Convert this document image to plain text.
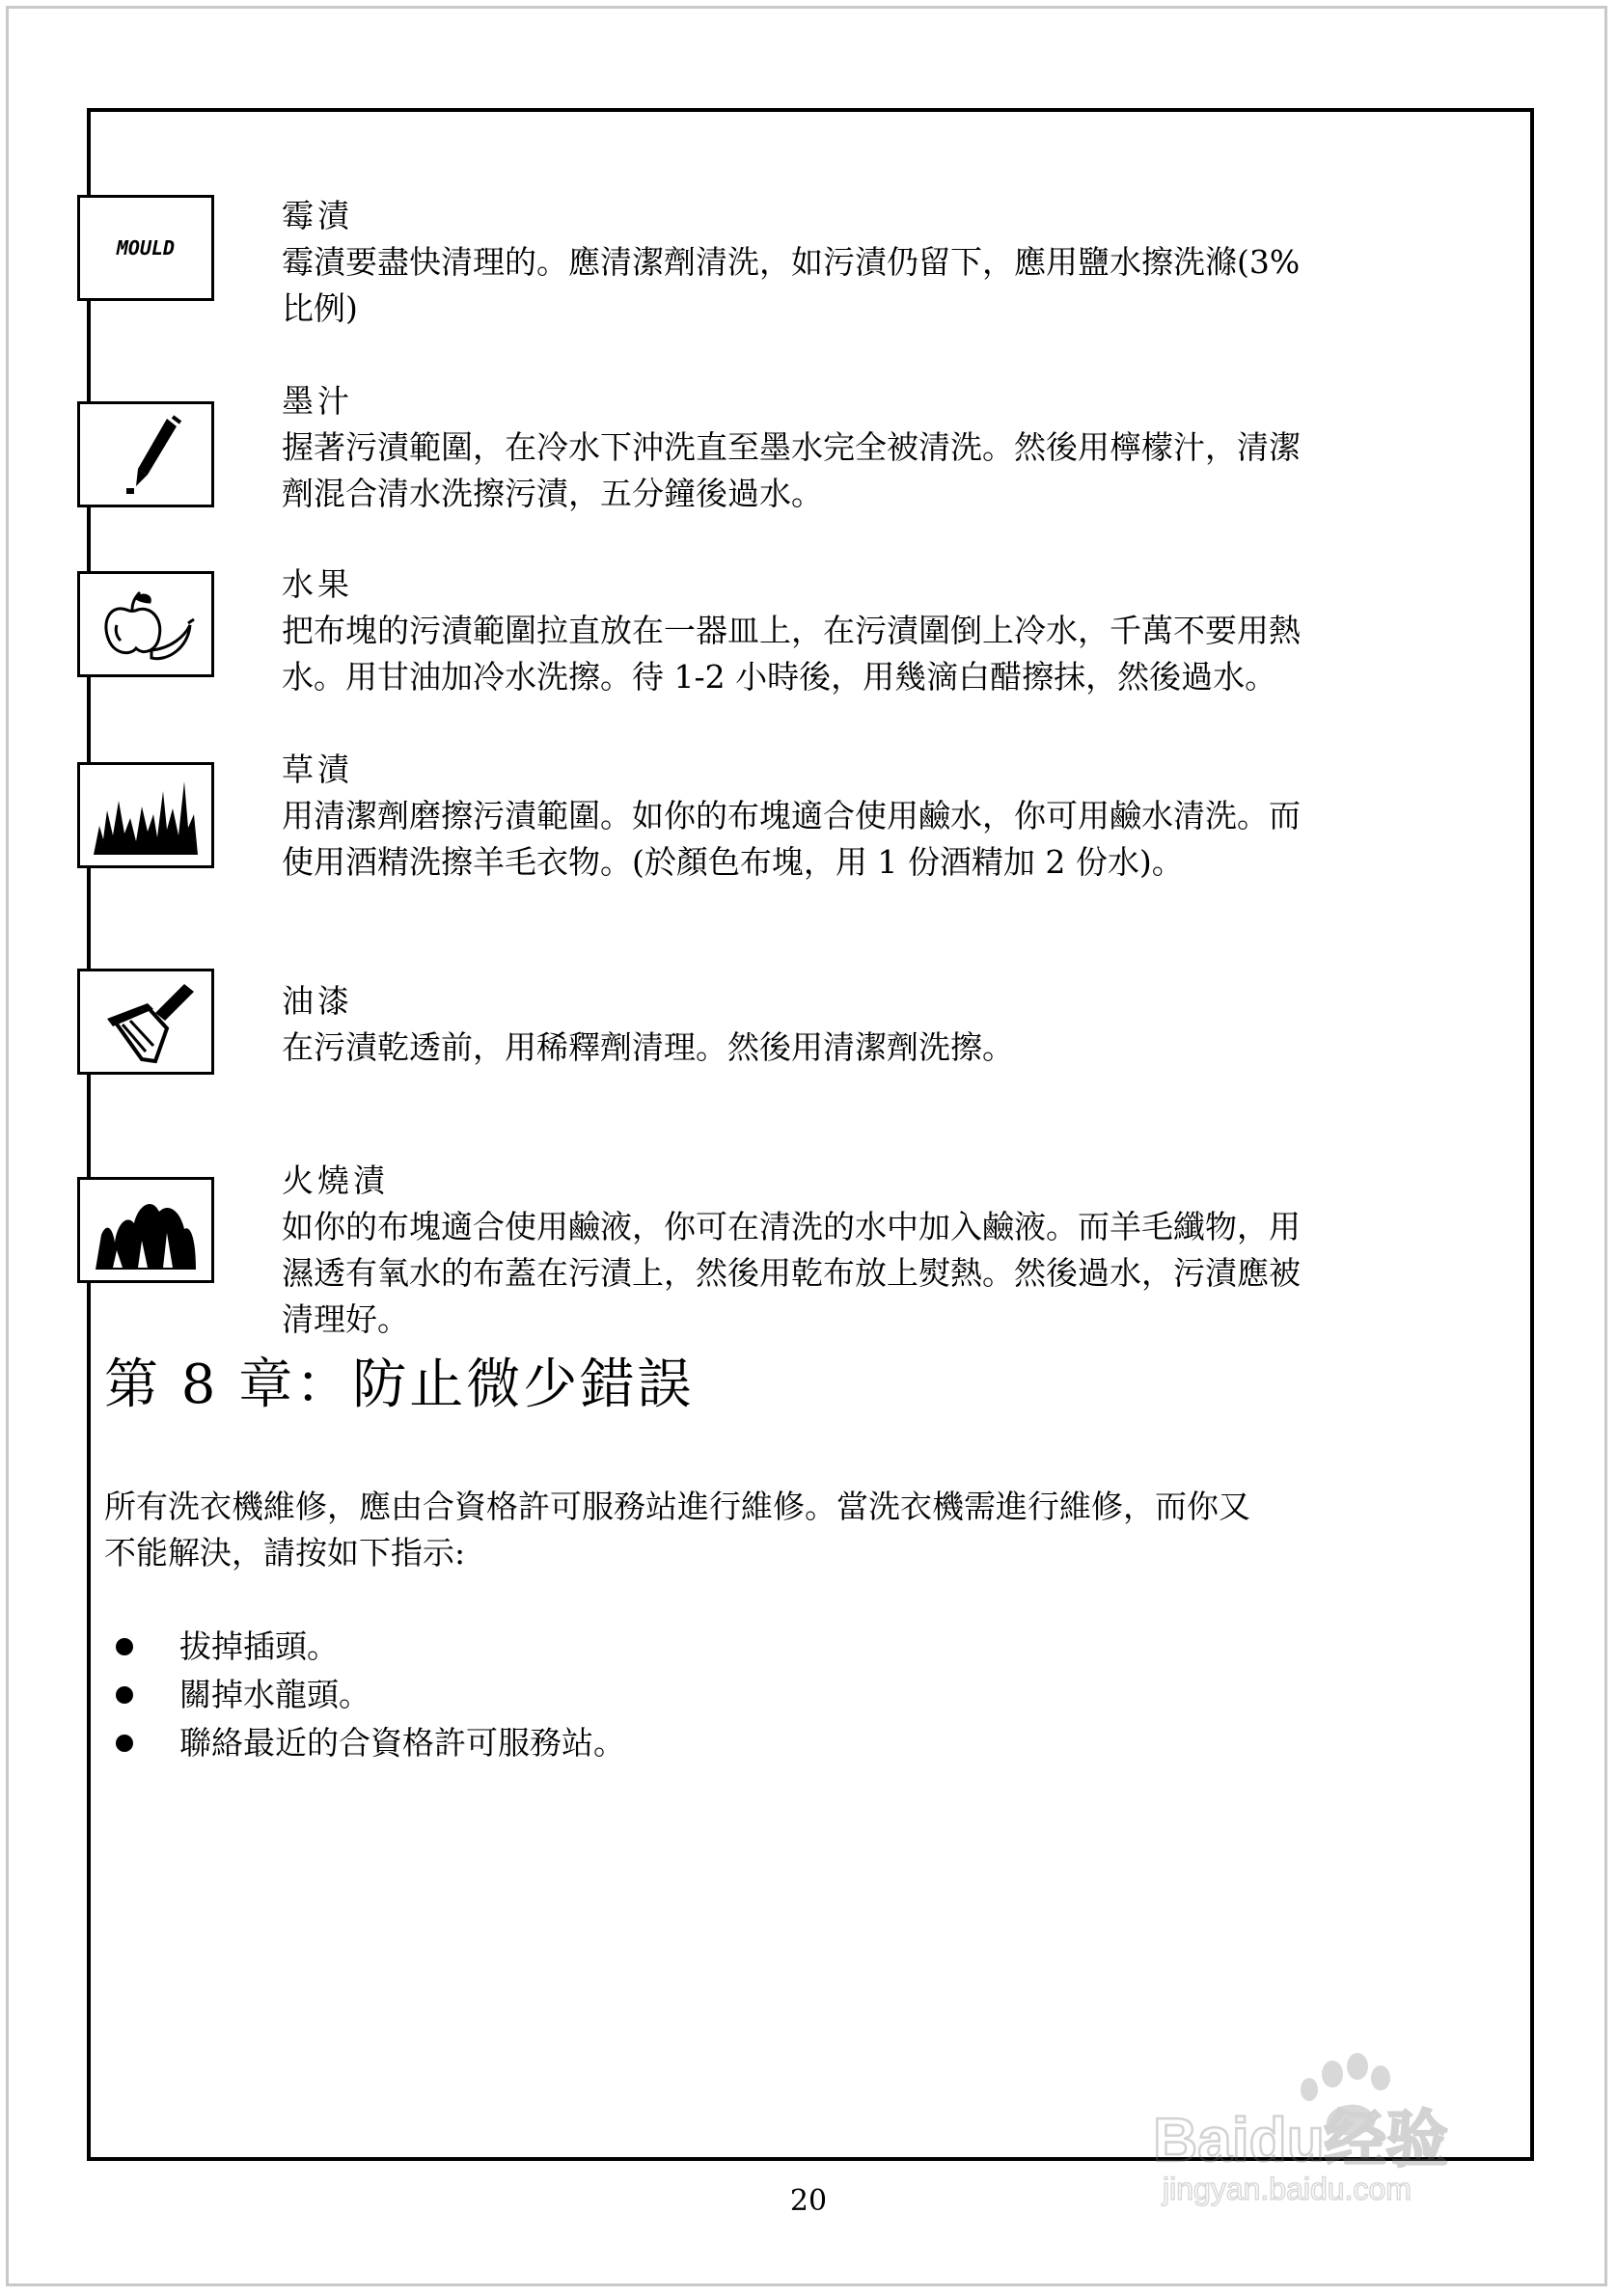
MOULD
霉漬
霉漬要盡快清理的。應清潔劑清洗，如污漬仍留下，應用鹽水擦洗滌(3%
比例)
墨汁
握著污漬範圍，在冷水下沖洗直至墨水完全被清洗。然後用檸檬汁，清潔
劑混合清水洗擦污漬，五分鐘後過水。
水果
把布塊的污漬範圍拉直放在一器皿上，在污漬圍倒上冷水，千萬不要用熱
水。用甘油加冷水洗擦。待 1-2 小時後，用幾滴白醋擦抹，然後過水。
草漬
用清潔劑磨擦污漬範圍。如你的布塊適合使用鹼水，你可用鹼水清洗。而
使用酒精洗擦羊毛衣物。(於顏色布塊，用 1 份酒精加 2 份水)。
油漆
在污漬乾透前，用稀釋劑清理。然後用清潔劑洗擦。
火燒漬
如你的布塊適合使用鹼液，你可在清洗的水中加入鹼液。而羊毛纖物，用
濕透有氧水的布蓋在污漬上，然後用乾布放上熨熱。然後過水，污漬應被
清理好。
第 8 章：防止微少錯誤

所有洗衣機維修，應由合資格許可服務站進行維修。當洗衣機需進行維修，而你又
不能解決，請按如下指示:

拔掉插頭。
關掉水龍頭。
聯絡最近的合資格許可服務站。
20
Baidu经验
jingyan.baidu.com
